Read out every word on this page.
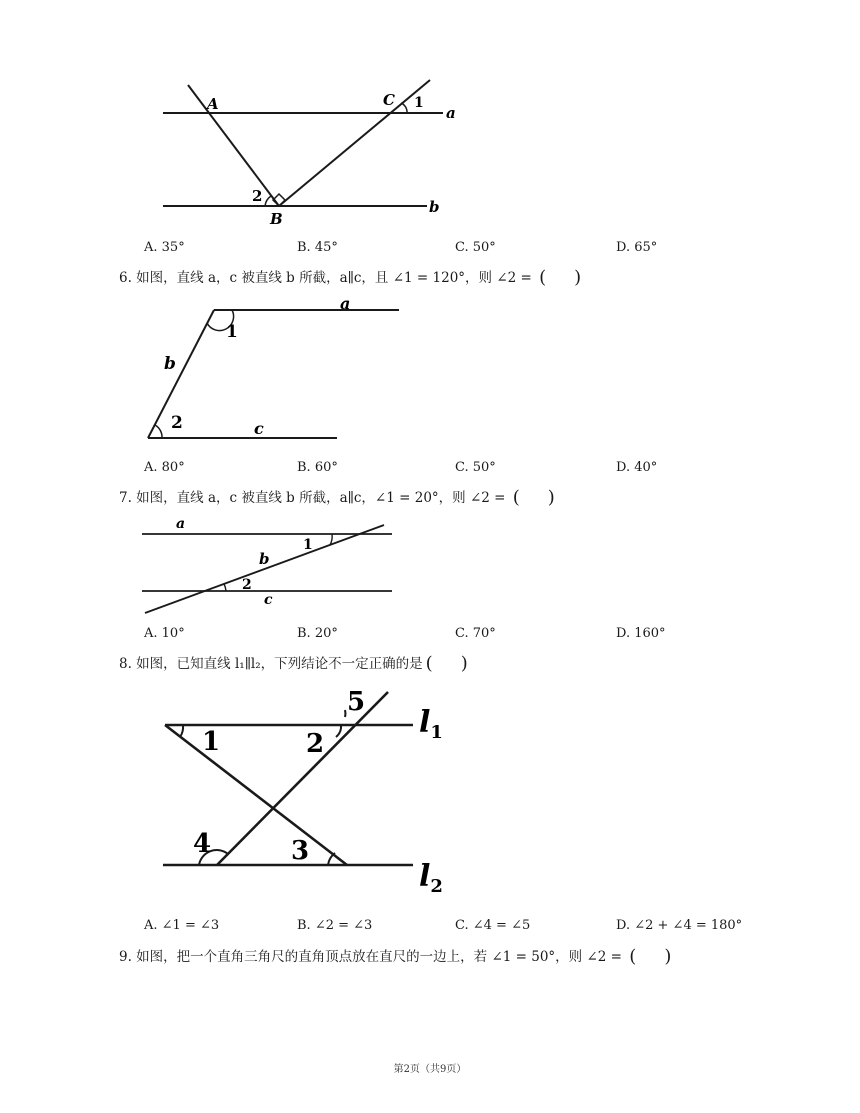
A
B
C 1
2
a
b
A. 35°	B. 45°	C. 50°	D. 65°
6. 如图，直线 a，c 被直线 b 所截，a∥c，且 ∠1 = 120°，则 ∠2 = ( )
a
b
c
1
2
A. 80°	B. 60°	C. 50°	D. 40°
7. 如图，直线 a，c 被直线 b 所截，a∥c，∠1 = 20°，则 ∠2 = ( )
a
b
c
1
2
A. 10°	B. 20°	C. 70°	D. 160°
8. 如图，已知直线 l₁∥l₂，下列结论不一定正确的是 ( )
1	2
3
4
5
$l_1$
$l_2$
A. ∠1 = ∠3	B. ∠2 = ∠3	C. ∠4 = ∠5	D. ∠2 + ∠4 = 180°
9. 如图，把一个直角三角尺的直角顶点放在直尺的一边上，若 ∠1 = 50°，则 ∠2 = ( )
第2页（共9页）
